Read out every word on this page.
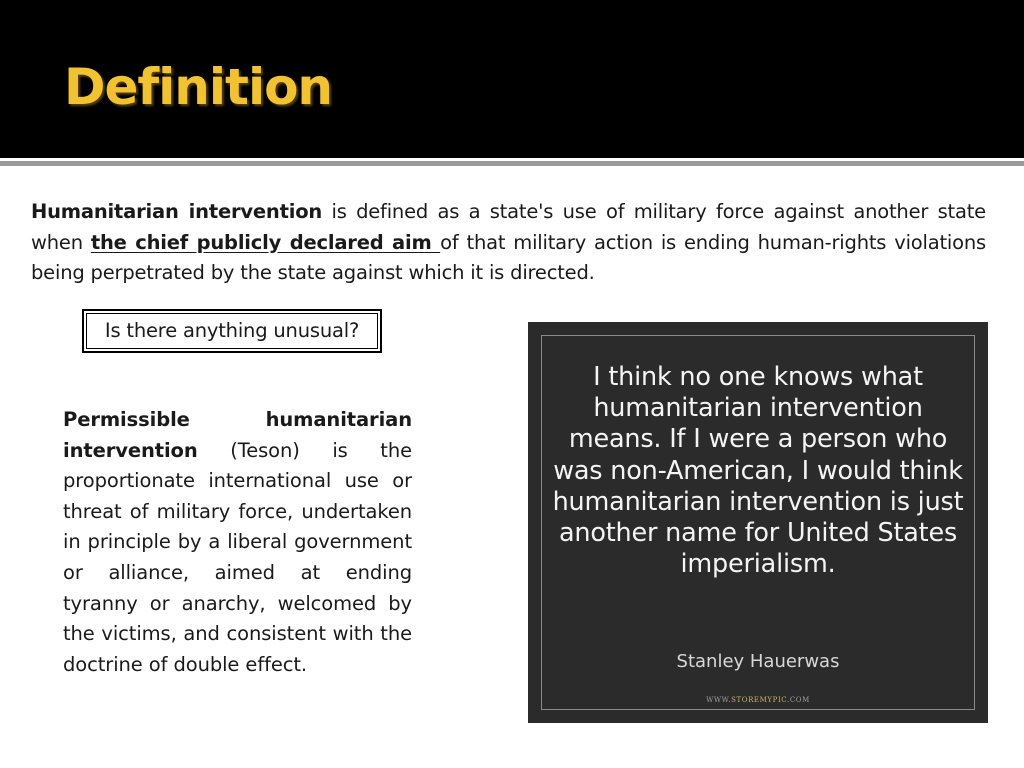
Definition

Humanitarian intervention is defined as a state's use of military force against another state when the chief publicly declared aim of that military action is ending human-rights violations being perpetrated by the state against which it is directed.

Is there anything unusual?

Permissible humanitarian intervention (Teson) is the proportionate international use or threat of military force, undertaken in principle by a liberal government or alliance, aimed at ending tyranny or anarchy, welcomed by the victims, and consistent with the doctrine of double effect.

I think no one knows what humanitarian intervention means. If I were a person who was non-American, I would think humanitarian intervention is just another name for United States imperialism.

Stanley Hauerwas
WWW.STOREMYPIC.COM
